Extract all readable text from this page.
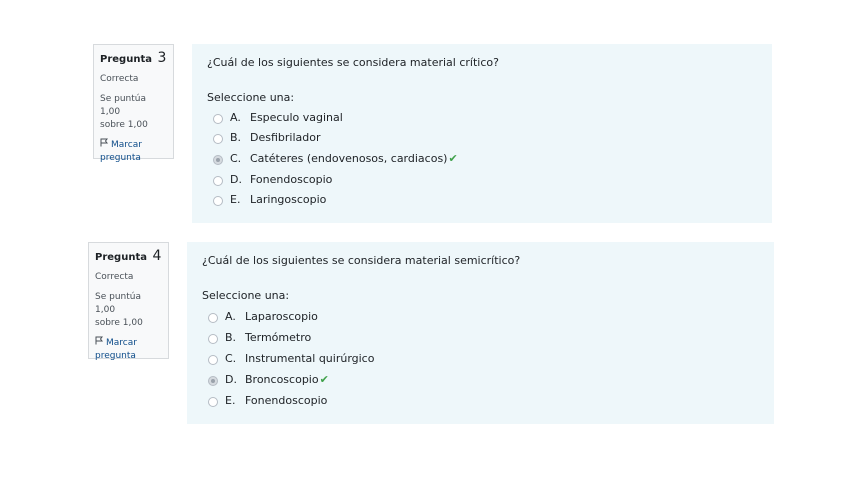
Pregunta 3
Correcta
Se puntúa 1,00
sobre 1,00
Marcar
pregunta
¿Cuál de los siguientes se considera material crítico?
Seleccione una:
A. Especulo vaginal
B. Desfibrilador
C. Catéteres (endovenosos, cardiacos)✔
D. Fonendoscopio
E. Laringoscopio
Pregunta 4
Correcta
Se puntúa 1,00
sobre 1,00
Marcar
pregunta
¿Cuál de los siguientes se considera material semicrítico?
Seleccione una:
A. Laparoscopio
B. Termómetro
C. Instrumental quirúrgico
D. Broncoscopio✔
E. Fonendoscopio
